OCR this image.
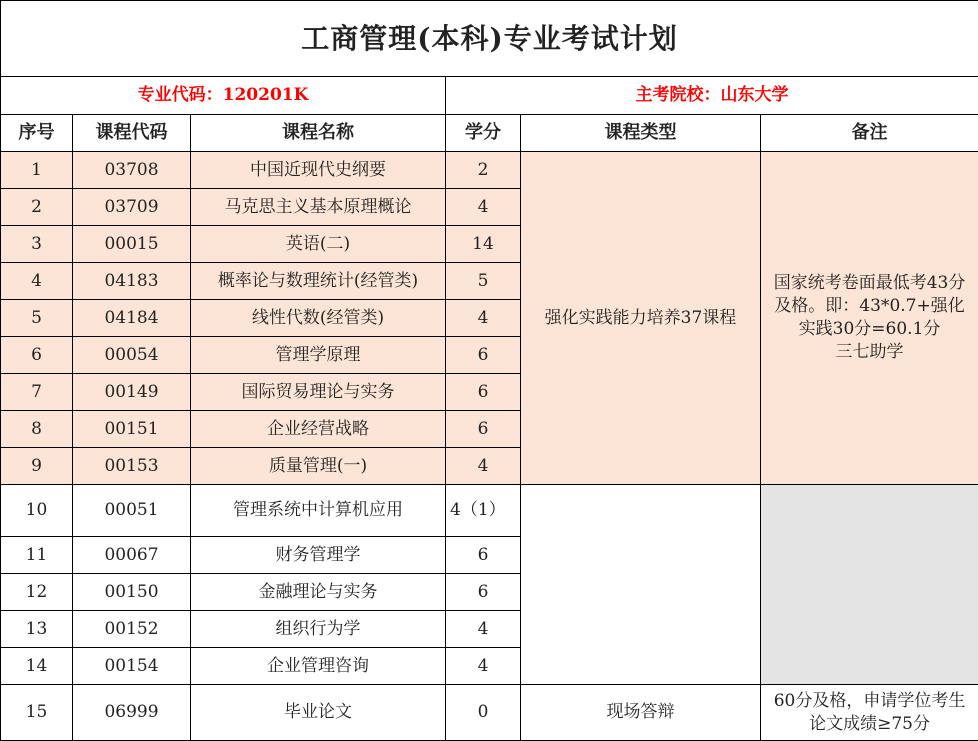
工商管理(本科)专业考试计划					
专业代码：120201K			主考院校：山东大学		
序号	课程代码	课程名称	学分	课程类型	备注
1	03708	中国近现代史纲要	2	强化实践能力培养37课程	国家统考卷面最低考43分
及格。即：43*0.7+强化
实践30分=60.1分
三七助学

2	03709	马克思主义基本原理概论	4		
3	00015	英语(二)	14		
4	04183	概率论与数理统计(经管类)	5		
5	04184	线性代数(经管类)	4		
6	00054	管理学原理	6		
7	00149	国际贸易理论与实务	6		
8	00151	企业经营战略	6		
9	00153	质量管理(一)	4		
10	00051	管理系统中计算机应用	4（1）		
11	00067	财务管理学	6		
12	00150	金融理论与实务	6		
13	00152	组织行为学	4		
14	00154	企业管理咨询	4		
15	06999	毕业论文	0	现场答辩	60分及格，申请学位考生
论文成绩≥75分
